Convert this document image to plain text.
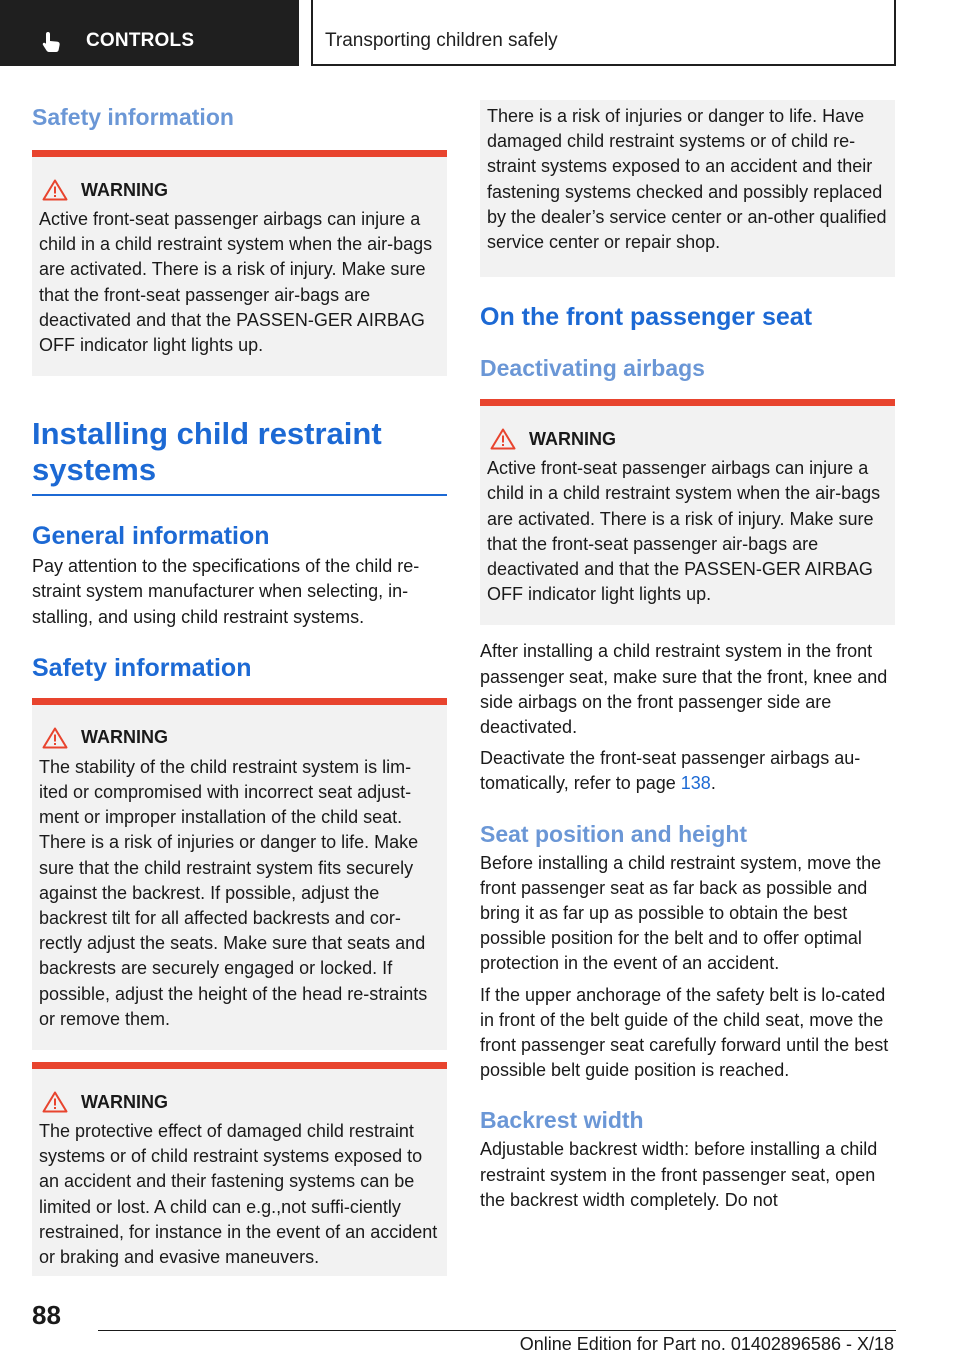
CONTROLS	Transporting children safely
Safety information
WARNING
Active front-seat passenger airbags can injure a child in a child restraint system when the air-bags are activated. There is a risk of injury. Make sure that the front-seat passenger air-bags are deactivated and that the PASSEN-GER AIRBAG OFF indicator light lights up.
Installing child restraint systems
General information
Pay attention to the specifications of the child re-straint system manufacturer when selecting, in-stalling, and using child restraint systems.
Safety information
WARNING
The stability of the child restraint system is lim-ited or compromised with incorrect seat adjust-ment or improper installation of the child seat. There is a risk of injuries or danger to life. Make sure that the child restraint system fits securely against the backrest. If possible, adjust the backrest tilt for all affected backrests and cor-rectly adjust the seats. Make sure that seats and backrests are securely engaged or locked. If possible, adjust the height of the head re-straints or remove them.
WARNING
The protective effect of damaged child restraint systems or of child restraint systems exposed to an accident and their fastening systems can be limited or lost. A child can e.g.,not suffi-ciently restrained, for instance in the event of an accident or braking and evasive maneuvers.
There is a risk of injuries or danger to life. Have damaged child restraint systems or of child re-straint systems exposed to an accident and their fastening systems checked and possibly replaced by the dealer’s service center or an-other qualified service center or repair shop.
On the front passenger seat
Deactivating airbags
WARNING
Active front-seat passenger airbags can injure a child in a child restraint system when the air-bags are activated. There is a risk of injury. Make sure that the front-seat passenger air-bags are deactivated and that the PASSEN-GER AIRBAG OFF indicator light lights up.
After installing a child restraint system in the front passenger seat, make sure that the front, knee and side airbags on the front passenger side are deactivated.
Deactivate the front-seat passenger airbags au-tomatically, refer to page 138.
Seat position and height
Before installing a child restraint system, move the front passenger seat as far back as possible and bring it as far up as possible to obtain the best possible position for the belt and to offer optimal protection in the event of an accident.
If the upper anchorage of the safety belt is lo-cated in front of the belt guide of the child seat, move the front passenger seat carefully forward until the best possible belt guide position is reached.
Backrest width
Adjustable backrest width: before installing a child restraint system in the front passenger seat, open the backrest width completely. Do not
88
Online Edition for Part no. 01402896586 - X/18
